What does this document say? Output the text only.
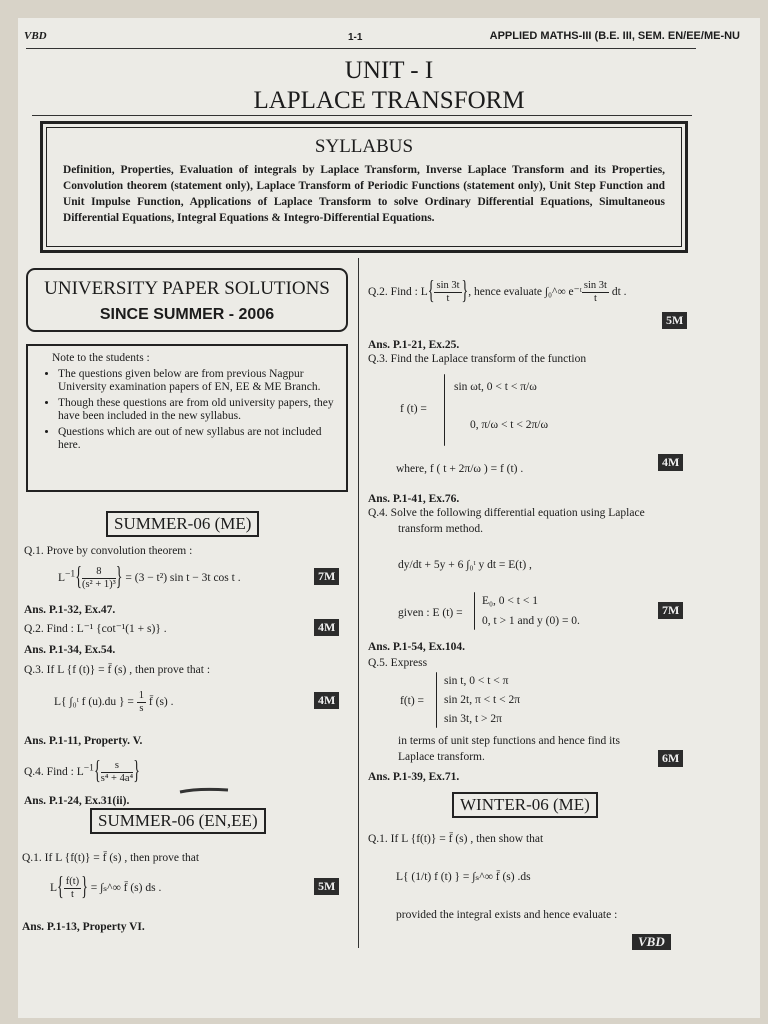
VBD	1-1	APPLIED MATHS-III (B.E. III, SEM. EN/EE/ME-NU
UNIT - I
LAPLACE TRANSFORM
SYLLABUS
Definition, Properties, Evaluation of integrals by Laplace Transform, Inverse Laplace Transform and its Properties, Convolution theorem (statement only), Laplace Transform of Periodic Functions (statement only), Unit Step Function and Unit Impulse Function, Applications of Laplace Transform to solve Ordinary Differential Equations, Simultaneous Differential Equations, Integral Equations & Integro-Differential Equations.
UNIVERSITY PAPER SOLUTIONS
SINCE SUMMER - 2006
Note to the students :
• The questions given below are from previous Nagpur University examination papers of EN, EE & ME Branch.
• Though these questions are from old university papers, they have been included in the new syllabus.
• Questions which are out of new syllabus are not included here.
SUMMER-06 (ME)
Q.1. Prove by convolution theorem :
$L^{-1}\{ \frac{8}{\text{(s² + 1)³}}$ } = (3 − t²) sin t − 3t cos t .	7M
Ans. P.1-32, Ex.47.
Q.2. Find : L⁻¹ {cot⁻¹(1 + s)} .	4M
Ans. P.1-34, Ex.54.
Q.3. If L {f (t)} = f̄ (s) , then prove that :
L{ ∫₀ᵗ f (u).du } = $\frac{1}{s}$ f̄ (s) .	4M
Ans. P.1-11, Property. V.
Q.4. Find : $L^{-1}\{ \frac{s}{\text{s⁴ + 4a⁴}}$ }
Ans. P.1-24, Ex.31(ii).
SUMMER-06 (EN,EE)
Q.1. If L {f(t)} = f̄ (s) , then prove that
$L\{ \frac{f(t)}{t}$ } = ∫ₛ^∞ f̄ (s) ds .	5M
Ans. P.1-13, Property VI.
Q.2. Find : $L\{ \frac{\sin 3t}{t}$ }, hence evaluate ∫₀^∞ e⁻ᵗ $\frac{\sin 3t}{t}$ dt .
5M
Ans. P.1-21, Ex.25.
Q.3. Find the Laplace transform of the function
f (t) =
sin ωt, 0 < t < π/ω
0, π/ω < t < 2π/ω
where, f ( t + 2π/ω ) = f (t) .	4M
Ans. P.1-41, Ex.76.
Q.4. Solve the following differential equation using Laplace
transform method.
dy/dt + 5y + 6 ∫₀ᵗ y dt = E(t) ,
given : E (t) =
E₀, 0 < t < 1
0, t > 1 and y (0) = 0.
7M
Ans. P.1-54, Ex.104.
Q.5. Express
f(t) =
sin t, 0 < t < π
sin 2t, π < t < 2π
sin 3t, t > 2π
in terms of unit step functions and hence find its
Laplace transform.	6M
Ans. P.1-39, Ex.71.
WINTER-06 (ME)
Q.1. If L {f(t)} = f̄ (s) , then show that
L{ (1/t) f (t) } = ∫ₛ^∞ f̄ (s) .ds
provided the integral exists and hence evaluate :
VBD
